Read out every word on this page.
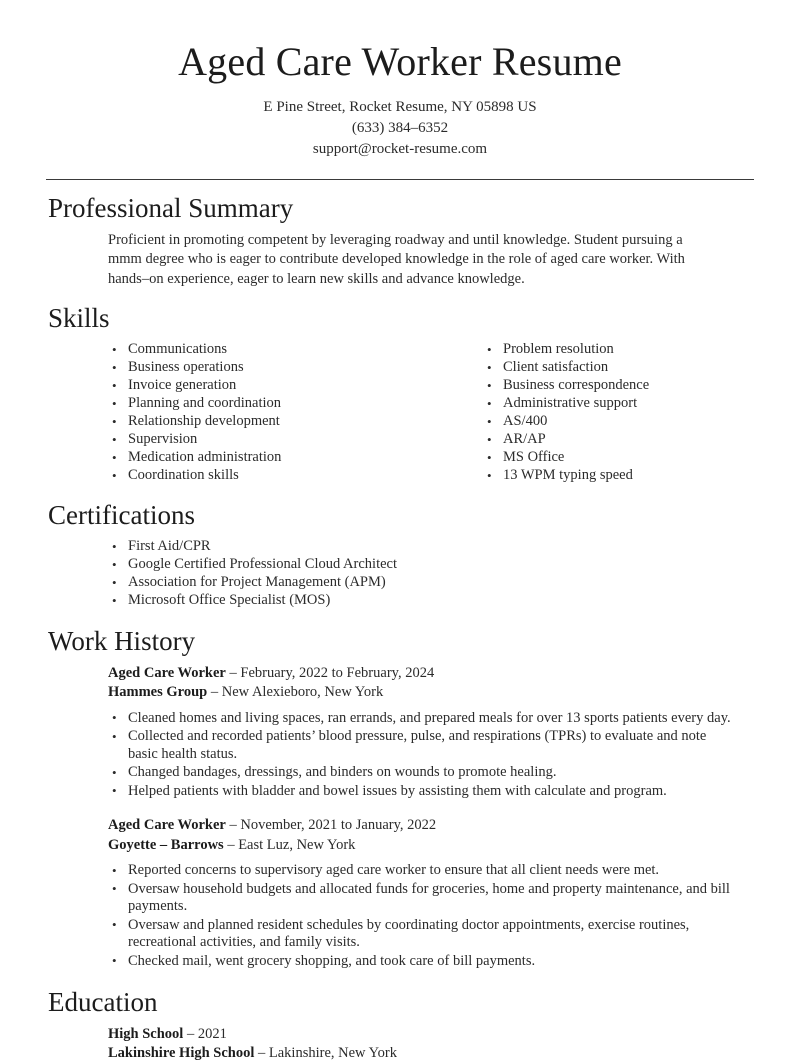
Aged Care Worker Resume
E Pine Street, Rocket Resume, NY 05898 US
(633) 384–6352
support@rocket-resume.com
Professional Summary

Proficient in promoting competent by leveraging roadway and until knowledge. Student pursuing a mmm degree who is eager to contribute developed knowledge in the role of aged care worker. With hands–on experience, eager to learn new skills and advance knowledge.

Skills
• Communications
• Business operations
• Invoice generation
• Planning and coordination
• Relationship development
• Supervision
• Medication administration
• Coordination skills
• Problem resolution
• Client satisfaction
• Business correspondence
• Administrative support
• AS/400
• AR/AP
• MS Office
• 13 WPM typing speed
Certifications
• First Aid/CPR
• Google Certified Professional Cloud Architect
• Association for Project Management (APM)
• Microsoft Office Specialist (MOS)
Work History
Aged Care Worker – February, 2022 to February, 2024
Hammes Group – New Alexieboro, New York
• Cleaned homes and living spaces, ran errands, and prepared meals for over 13 sports patients every day.
• Collected and recorded patients’ blood pressure, pulse, and respirations (TPRs) to evaluate and note basic health status.
• Changed bandages, dressings, and binders on wounds to promote healing.
• Helped patients with bladder and bowel issues by assisting them with calculate and program.
Aged Care Worker – November, 2021 to January, 2022
Goyette – Barrows – East Luz, New York
• Reported concerns to supervisory aged care worker to ensure that all client needs were met.
• Oversaw household budgets and allocated funds for groceries, home and property maintenance, and bill payments.
• Oversaw and planned resident schedules by coordinating doctor appointments, exercise routines, recreational activities, and family visits.
• Checked mail, went grocery shopping, and took care of bill payments.
Education
High School – 2021
Lakinshire High School – Lakinshire, New York
